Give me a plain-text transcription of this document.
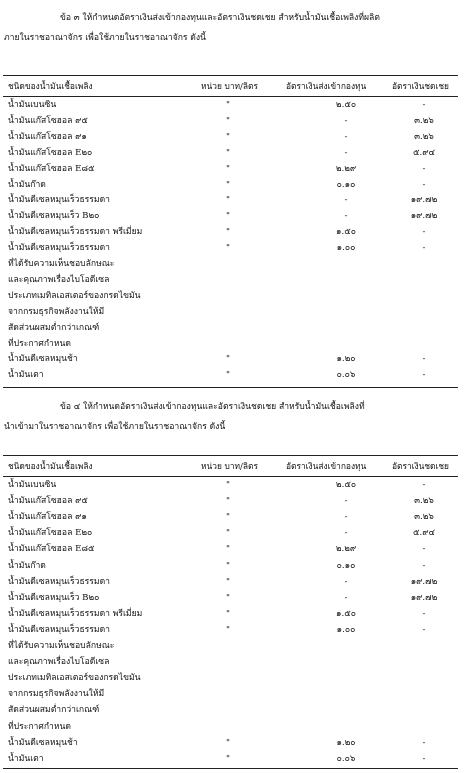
ข้อ ๓ ให้กำหนดอัตราเงินส่งเข้ากองทุนและอัตราเงินชดเชย สำหรับน้ำมันเชื้อเพลิงที่ผลิต
ภายในราชอาณาจักร เพื่อใช้ภายในราชอาณาจักร ดังนี้
ชนิดของน้ำมันเชื้อเพลิง	หน่วย บาท/ลิตร	อัตราเงินส่งเข้ากองทุน	อัตราเงินชดเชย
น้ำมันเบนซิน	"	๒.๕๐	-
น้ำมันแก๊สโซฮอล ๙๕	"	-	๓.๒๖
น้ำมันแก๊สโซฮอล ๙๑	"	-	๓.๒๖
น้ำมันแก๊สโซฮอล E๒๐	"	-	๕.๙๔
น้ำมันแก๊สโซฮอล E๘๕	"	๒.๒๙	-
น้ำมันก๊าด	"	๐.๑๐	-
น้ำมันดีเซลหมุนเร็วธรรมดา	"	-	๑๙.๗๒
น้ำมันดีเซลหมุนเร็ว B๒๐	"	-	๑๙.๗๒
น้ำมันดีเซลหมุนเร็วธรรมดา พรีเมี่ยม	"	๑.๕๐	-
น้ำมันดีเซลหมุนเร็วธรรมดา	"	๑.๐๐	-
ที่ได้รับความเห็นชอบลักษณะ
และคุณภาพเรื่องไบโอดีเซล
ประเภทเมทิลเอสเตอร์ของกรดไขมัน
จากกรมธุรกิจพลังงานให้มี
สัดส่วนผสมต่ำกว่าเกณฑ์
ที่ประกาศกำหนด
น้ำมันดีเซลหมุนช้า	"	๑.๒๐	-
น้ำมันเตา	"	๐.๐๖	-
ข้อ ๔ ให้กำหนดอัตราเงินส่งเข้ากองทุนและอัตราเงินชดเชย สำหรับน้ำมันเชื้อเพลิงที่
นำเข้ามาในราชอาณาจักร เพื่อใช้ภายในราชอาณาจักร ดังนี้
ชนิดของน้ำมันเชื้อเพลิง	หน่วย บาท/ลิตร	อัตราเงินส่งเข้ากองทุน	อัตราเงินชดเชย
น้ำมันเบนซิน	"	๒.๕๐	-
น้ำมันแก๊สโซฮอล ๙๕	"	-	๓.๒๖
น้ำมันแก๊สโซฮอล ๙๑	"	-	๓.๒๖
น้ำมันแก๊สโซฮอล E๒๐	"	-	๕.๙๔
น้ำมันแก๊สโซฮอล E๘๕	"	๒.๒๙	-
น้ำมันก๊าด	"	๐.๑๐	-
น้ำมันดีเซลหมุนเร็วธรรมดา	"	-	๑๙.๗๒
น้ำมันดีเซลหมุนเร็ว B๒๐	"	-	๑๙.๗๒
น้ำมันดีเซลหมุนเร็วธรรมดา พรีเมี่ยม	"	๑.๕๐	-
น้ำมันดีเซลหมุนเร็วธรรมดา	"	๑.๐๐	-
ที่ได้รับความเห็นชอบลักษณะ
และคุณภาพเรื่องไบโอดีเซล
ประเภทเมทิลเอสเตอร์ของกรดไขมัน
จากกรมธุรกิจพลังงานให้มี
สัดส่วนผสมต่ำกว่าเกณฑ์
ที่ประกาศกำหนด
น้ำมันดีเซลหมุนช้า	"	๑.๒๐	-
น้ำมันเตา	"	๐.๐๖	-
